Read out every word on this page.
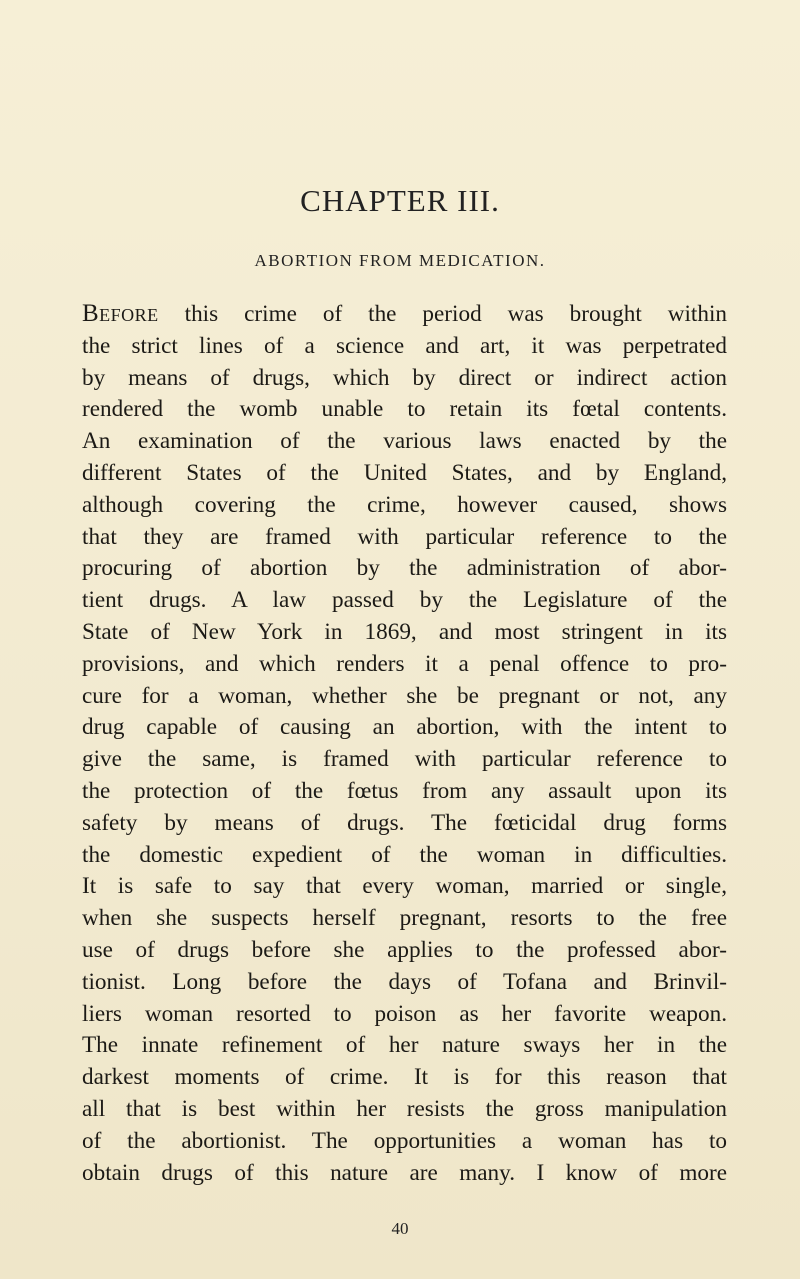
CHAPTER III.
ABORTION FROM MEDICATION.
Before this crime of the period was brought within
the strict lines of a science and art, it was perpetrated
by means of drugs, which by direct or indirect action
rendered the womb unable to retain its fœtal contents.
An examination of the various laws enacted by the
different States of the United States, and by England,
although covering the crime, however caused, shows
that they are framed with particular reference to the
procuring of abortion by the administration of abor-
tient drugs. A law passed by the Legislature of the
State of New York in 1869, and most stringent in its
provisions, and which renders it a penal offence to pro-
cure for a woman, whether she be pregnant or not, any
drug capable of causing an abortion, with the intent to
give the same, is framed with particular reference to
the protection of the fœtus from any assault upon its
safety by means of drugs. The fœticidal drug forms
the domestic expedient of the woman in difficulties.
It is safe to say that every woman, married or single,
when she suspects herself pregnant, resorts to the free
use of drugs before she applies to the professed abor-
tionist. Long before the days of Tofana and Brinvil-
liers woman resorted to poison as her favorite weapon.
The innate refinement of her nature sways her in the
darkest moments of crime. It is for this reason that
all that is best within her resists the gross manipulation
of the abortionist. The opportunities a woman has to
obtain drugs of this nature are many. I know of more
40
